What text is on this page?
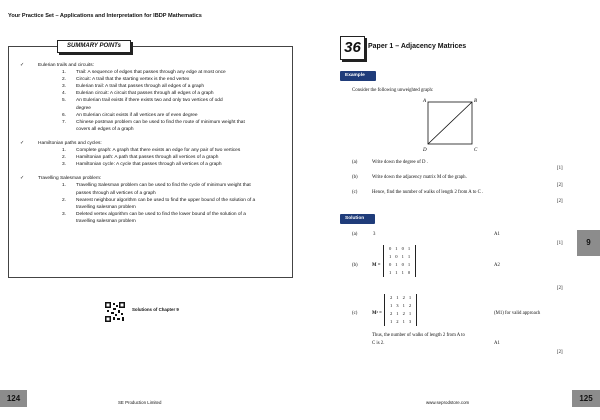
Your Practice Set – Applications and Interpretation for IBDP Mathematics
SUMMARY POINTs
✓	Eulerian trails and circuits:
1. Trail: A sequence of edges that passes through any edge at most once
2. Circuit: A trail that the starting vertex is the end vertex
3. Eulerian trail: A trail that passes through all edges of a graph
4. Eulerian circuit: A circuit that passes through all edges of a graph
5. An Eulerian trail exists if there exists two and only two vertices of odd degree
6. An Eulerian circuit exists if all vertices are of even degree
7. Chinese postman problem can be used to find the route of minimum weight that covers all edges of a graph
✓	Hamiltonian paths and cycles:
1. Complete graph: A graph that there exists an edge for any pair of two vertices
2. Hamiltonian path: A path that passes through all vertices of a graph
3. Hamiltonian cycle: A cycle that passes through all vertices of a graph
✓	Travelling Salesman problem:
1. Travelling Salesman problem can be used to find the cycle of minimum weight that passes through all vertices of a graph
2. Nearest neighbour algorithm can be used to find the upper bound of the solution of a travelling salesman problem
3. Deleted vertex algorithm can be used to find the lower bound of the solution of a travelling salesman problem
Solutions of Chapter 9
124	SE Production Limited
36	Paper 1 – Adjacency Matrices
Example
Consider the following unweighted graph:
A	B
C
D
(a)	Write down the degree of D .
[1]
(b)	Write down the adjacency matrix M of the graph.
[2]
(c)	Hence, find the number of walks of length 2 from A to C .
[2]
Solution
(a)	3	A1
[1]
(b)	M =
0	1	0	1
1	0	1	1
0	1	0	1
1	1	1	0
A2
[2]
(c)	M² =
2	1	2	1
1	3	1	2
2	1	2	1
1	2	1	3
(M1) for valid approach
Thus, the number of walks of length 2 from A to
C is 2.	A1
[2]
9
125
www.seprodstore.com
